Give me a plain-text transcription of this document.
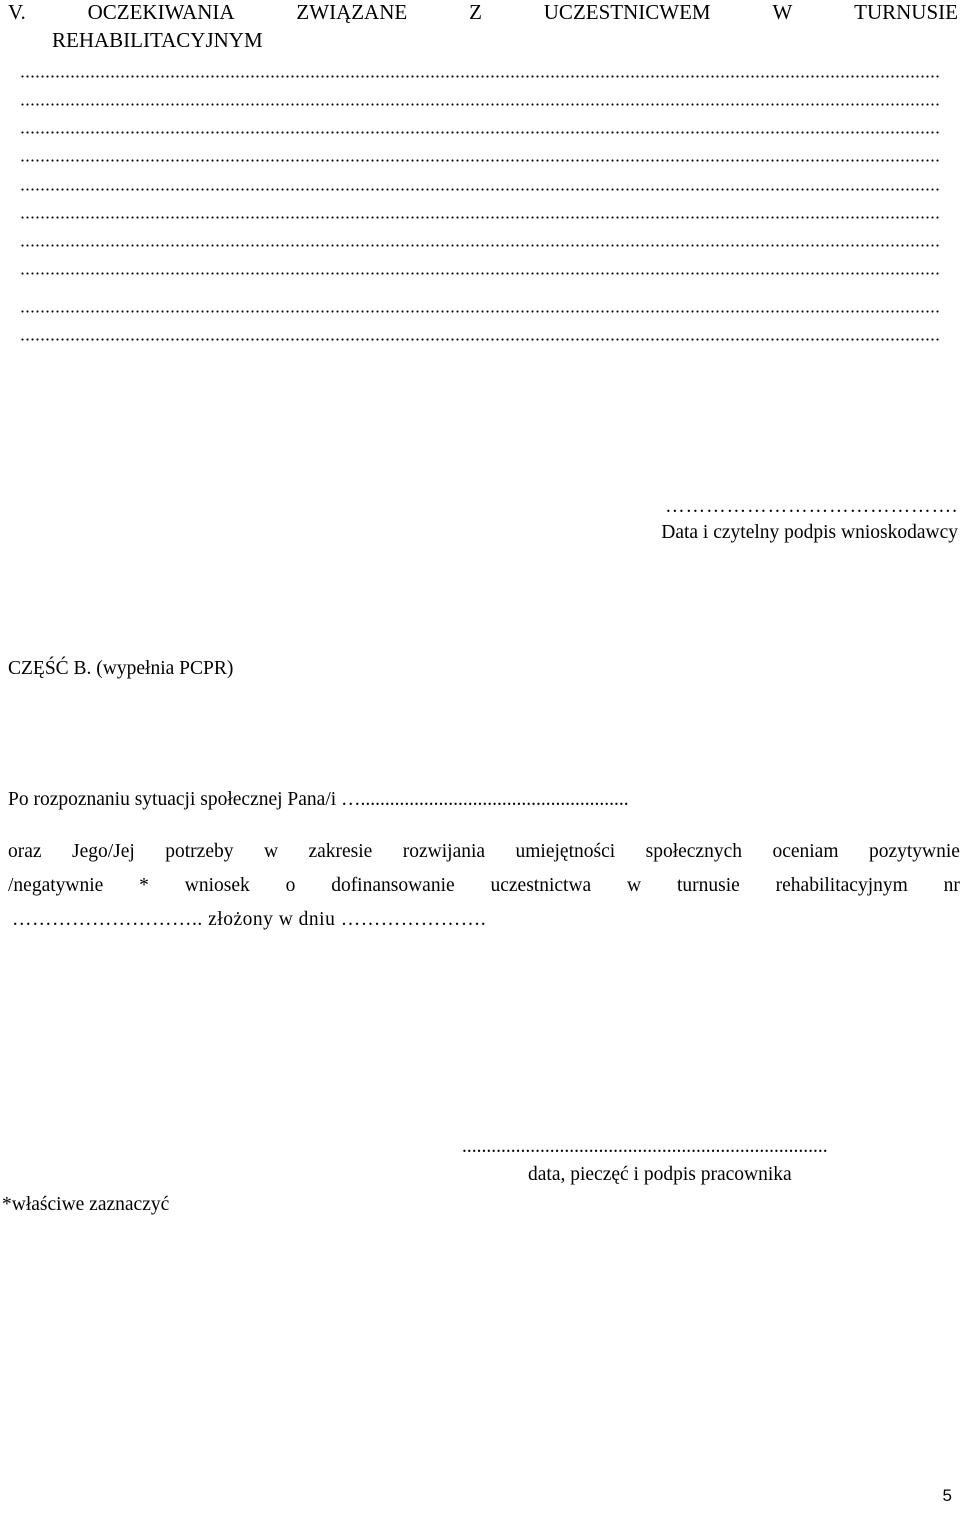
V.	OCZEKIWANIA	ZWIĄZANE	Z	UCZESTNICWEM	W	TURNUSIE
REHABILITACYJNYM
…………………………………….
Data i czytelny podpis wnioskodawcy
CZĘŚĆ B. (wypełnia PCPR)
Po rozpoznaniu sytuacji społecznej Pana/i ….......................................................
oraz Jego/Jej potrzeby w zakresie rozwijania umiejętności społecznych oceniam pozytywnie
/negatywnie * wniosek o dofinansowanie uczestnictwa w turnusie rehabilitacyjnym nr
……………………….. złożony w dniu ………………….
...........................................................................
data, pieczęć i podpis pracownika
*właściwe zaznaczyć
5
